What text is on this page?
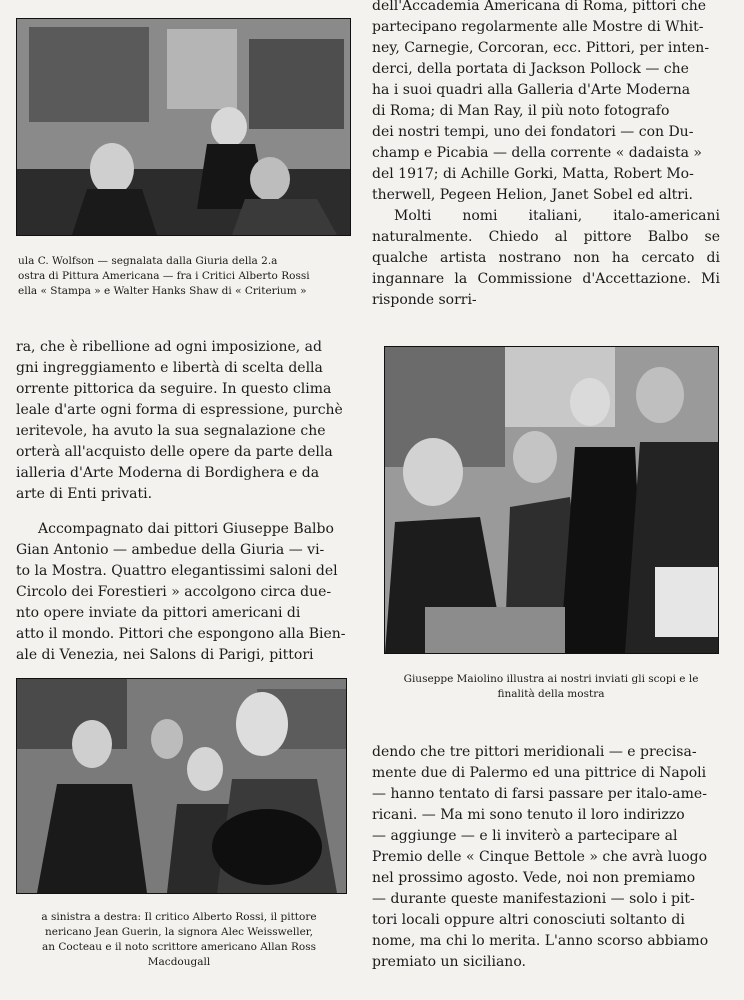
ula C. Wolfson — segnalata dalla Giuria della 2.a
ostra di Pittura Americana — fra i Critici Alberto Rossi
ella « Stampa » e Walter Hanks Shaw di « Criterium »
dell'Accademia Americana di Roma, pittori che
partecipano regolarmente alle Mostre di Whit-
ney, Carnegie, Corcoran, ecc. Pittori, per inten-
derci, della portata di Jackson Pollock — che
ha i suoi quadri alla Galleria d'Arte Moderna
di Roma; di Man Ray, il più noto fotografo
dei nostri tempi, uno dei fondatori — con Du-
champ e Picabia — della corrente « dadaista »
del 1917; di Achille Gorki, Matta, Robert Mo-
therwell, Pegeen Helion, Janet Sobel ed altri.

Molti nomi italiani, italo-americani naturalmente. Chiedo al pittore Balbo se qualche artista nostrano non ha cercato di ingannare la Commissione d'Accettazione. Mi risponde sorri-

ra, che è ribellione ad ogni imposizione, ad
gni ingreggiamento e libertà di scelta della
orrente pittorica da seguire. In questo clima
leale d'arte ogni forma di espressione, purchè
ıeritevole, ha avuto la sua segnalazione che
orterà all'acquisto delle opere da parte della
ialleria d'Arte Moderna di Bordighera e da
arte di Enti privati.
Accompagnato dai pittori Giuseppe Balbo
Gian Antonio — ambedue della Giuria — vi-
to la Mostra. Quattro elegantissimi saloni del
Circolo dei Forestieri » accolgono circa due-
nto opere inviate da pittori americani di
atto il mondo. Pittori che espongono alla Bien-
ale di Venezia, nei Salons di Parigi, pittori
Giuseppe Maiolino illustra ai nostri inviati gli scopi e le
finalità della mostra
a sinistra a destra: Il critico Alberto Rossi, il pittore
nericano Jean Guerin, la signora Alec Weissweller,
an Cocteau e il noto scrittore americano Allan Ross
Macdougall
dendo che tre pittori meridionali — e precisa-
mente due di Palermo ed una pittrice di Napoli
— hanno tentato di farsi passare per italo-ame-
ricani. — Ma mi sono tenuto il loro indirizzo
— aggiunge — e li inviterò a partecipare al
Premio delle « Cinque Bettole » che avrà luogo
nel prossimo agosto. Vede, noi non premiamo
— durante queste manifestazioni — solo i pit-
tori locali oppure altri conosciuti soltanto di
nome, ma chi lo merita. L'anno scorso abbiamo
premiato un siciliano.
